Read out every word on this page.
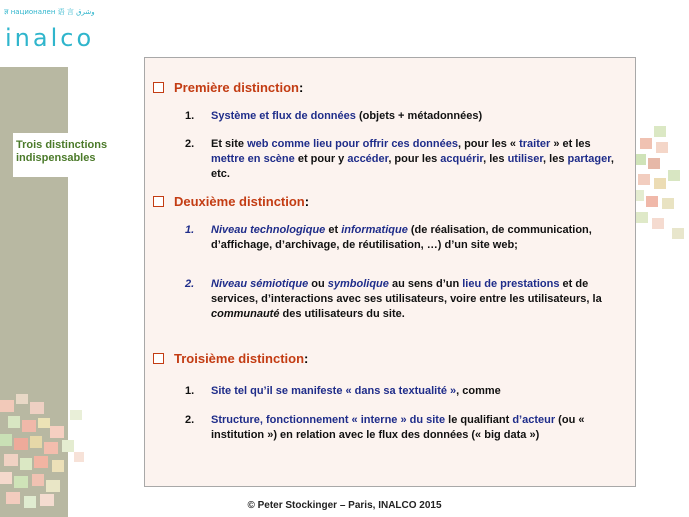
ज्ञ национален 语 言 ﻭﺷﺮﻕ
inalco
Trois distinctions indispensables
Première distinction:
1. Système et flux de données (objets + métadonnées)
2. Et site web comme lieu pour offrir ces données, pour les « traiter » et les mettre en scène et pour y accéder, pour les acquérir, les utiliser, les partager, etc.
Deuxième distinction:
1. Niveau technologique et informatique (de réalisation, de communication, d’affichage, d’archivage, de réutilisation, …) d’un site web;
2. Niveau sémiotique ou symbolique au sens d’un lieu de prestations et de services, d’interactions avec ses utilisateurs, voire entre les utilisateurs, la communauté des utilisateurs du site.
Troisième distinction:
1. Site tel qu’il se manifeste « dans sa textualité », comme
2. Structure, fonctionnement « interne » du site le qualifiant d’acteur (ou « institution ») en relation avec le flux des données (« big data »)
© Peter Stockinger – Paris, INALCO 2015
